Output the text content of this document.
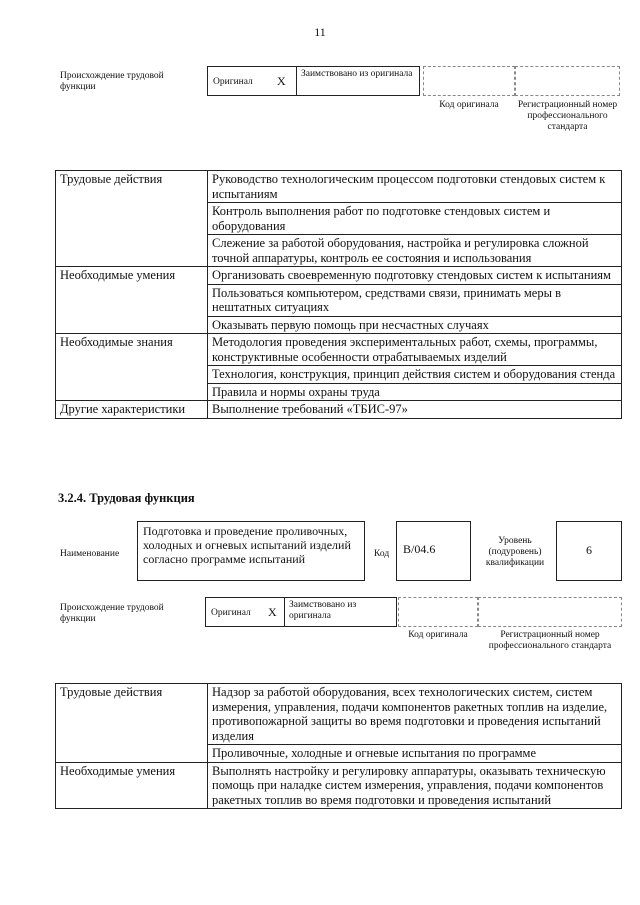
11
Происхождение трудовой функции	Оригинал X Заимствовано из оригинала
Код оригинала	Регистрационный номер профессионального стандарта
Трудовые действия	Руководство технологическим процессом подготовки стендовых систем к испытаниям
	Контроль выполнения работ по подготовке стендовых систем и оборудования
	Слежение за работой оборудования, настройка и регулировка сложной точной аппаратуры, контроль ее состояния и использования
Необходимые умения	Организовать своевременную подготовку стендовых систем к испытаниям
	Пользоваться компьютером, средствами связи, принимать меры в нештатных ситуациях
	Оказывать первую помощь при несчастных случаях
Необходимые знания	Методология проведения экспериментальных работ, схемы, программы, конструктивные особенности отрабатываемых изделий
	Технология, конструкция, принцип действия систем и оборудования стенда
	Правила и нормы охраны труда
Другие характеристики	Выполнение требований «ТБИС-97»
3.2.4. Трудовая функция
Наименование
Подготовка и проведение проливочных, холодных и огневых испытаний изделий согласно программе испытаний	Код	B/04.6
Уровень (подуровень) квалификации
6
Происхождение трудовой функции
Оригинал X Заимствовано из оригинала
Код оригинала	Регистрационный номер профессионального стандарта
Трудовые действия	Надзор за работой оборудования, всех технологических систем, систем измерения, управления, подачи компонентов ракетных топлив на изделие, противопожарной защиты во время подготовки и проведения испытаний изделия
	Проливочные, холодные и огневые испытания по программе
Необходимые умения	Выполнять настройку и регулировку аппаратуры, оказывать техническую помощь при наладке систем измерения, управления, подачи компонентов ракетных топлив во время подготовки и проведения испытаний
